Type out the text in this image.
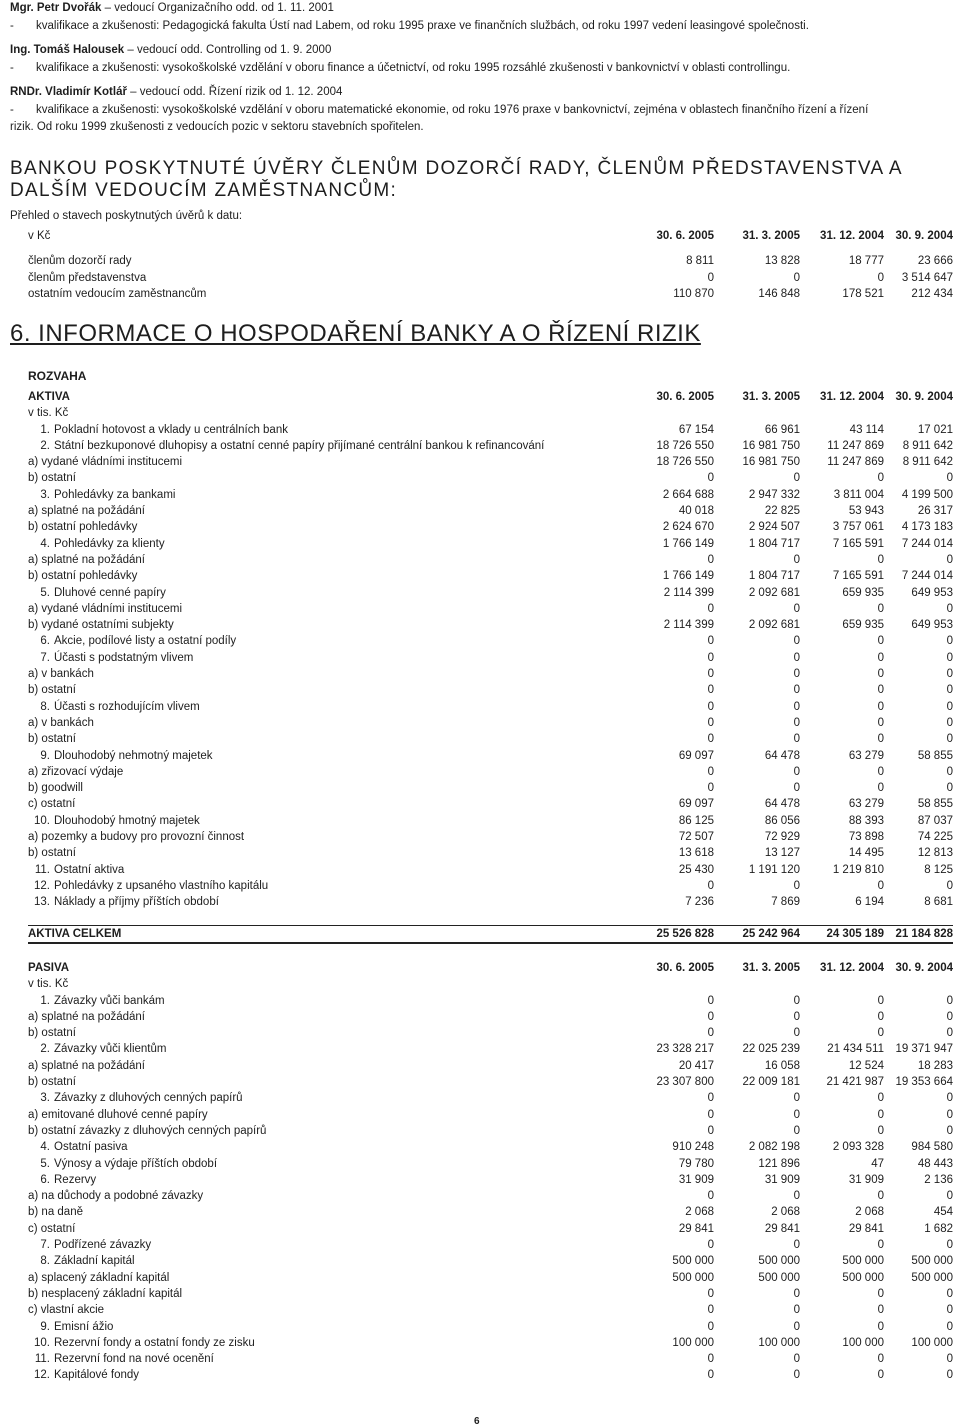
Mgr. Petr Dvořák – vedoucí Organizačního odd. od 1. 11. 2001

- kvalifikace a zkušenosti: Pedagogická fakulta Ústí nad Labem, od roku 1995 praxe ve finančních službách, od roku 1997 vedení leasingové společnosti.

Ing. Tomáš Halousek – vedoucí odd. Controlling od 1. 9. 2000

- kvalifikace a zkušenosti: vysokoškolské vzdělání v oboru finance a účetnictví, od roku 1995 rozsáhlé zkušenosti v bankovnictví v oblasti controllingu.

RNDr. Vladimír Kotlář – vedoucí odd. Řízení rizik od 1. 12. 2004

- kvalifikace a zkušenosti: vysokoškolské vzdělání v oboru matematické ekonomie, od roku 1976 praxe v bankovnictví, zejména v oblastech finančního řízení a řízení

rizik. Od roku 1999 zkušenosti z vedoucích pozic v sektoru stavebních spořitelen.

BANKOU POSKYTNUTÉ ÚVĚRY ČLENŮM DOZORČÍ RADY, ČLENŮM PŘEDSTAVENSTVA A DALŠÍM VEDOUCÍM ZAMĚSTNANCŮM:
Přehled o stavech poskytnutých úvěrů k datu:
v Kč	30. 6. 2005	31. 3. 2005	31. 12. 2004	30. 9. 2004

členům dozorčí rady	8 811	13 828	18 777	23 666
členům představenstva	0	0	0	3 514 647
ostatním vedoucím zaměstnancům	110 870	146 848	178 521	212 434
6. INFORMACE O HOSPODAŘENÍ BANKY A O ŘÍZENÍ RIZIK
ROZVAHA
AKTIVA	30. 6. 2005	31. 3. 2005	31. 12. 2004	30. 9. 2004
v tis. Kč				
1. Pokladní hotovost a vklady u centrálních bank	67 154	66 961	43 114	17 021
2. Státní bezkuponové dluhopisy a ostatní cenné papíry přijímané centrální bankou k refinancování	18 726 550	16 981 750	11 247 869	8 911 642
a) vydané vládními institucemi	18 726 550	16 981 750	11 247 869	8 911 642
b) ostatní	0	0	0	0
3. Pohledávky za bankami	2 664 688	2 947 332	3 811 004	4 199 500
a) splatné na požádání	40 018	22 825	53 943	26 317
b) ostatní pohledávky	2 624 670	2 924 507	3 757 061	4 173 183
4. Pohledávky za klienty	1 766 149	1 804 717	7 165 591	7 244 014
a) splatné na požádání	0	0	0	0
b) ostatní pohledávky	1 766 149	1 804 717	7 165 591	7 244 014
5. Dluhové cenné papíry	2 114 399	2 092 681	659 935	649 953
a) vydané vládními institucemi	0	0	0	0
b) vydané ostatními subjekty	2 114 399	2 092 681	659 935	649 953
6. Akcie, podílové listy a ostatní podíly	0	0	0	0
7. Účasti s podstatným vlivem	0	0	0	0
a) v bankách	0	0	0	0
b) ostatní	0	0	0	0
8. Účasti s rozhodujícím vlivem	0	0	0	0
a) v bankách	0	0	0	0
b) ostatní	0	0	0	0
9. Dlouhodobý nehmotný majetek	69 097	64 478	63 279	58 855
a) zřizovací výdaje	0	0	0	0
b) goodwill	0	0	0	0
c) ostatní	69 097	64 478	63 279	58 855
10. Dlouhodobý hmotný majetek	86 125	86 056	88 393	87 037
a) pozemky a budovy pro provozní činnost	72 507	72 929	73 898	74 225
b) ostatní	13 618	13 127	14 495	12 813
11. Ostatní aktiva	25 430	1 191 120	1 219 810	8 125
12. Pohledávky z upsaného vlastního kapitálu	0	0	0	0
13. Náklady a příjmy příštích období	7 236	7 869	6 194	8 681

AKTIVA CELKEM	25 526 828	25 242 964	24 305 189	21 184 828
PASIVA	30. 6. 2005	31. 3. 2005	31. 12. 2004	30. 9. 2004
v tis. Kč				
1. Závazky vůči bankám	0	0	0	0
a) splatné na požádání	0	0	0	0
b) ostatní	0	0	0	0
2. Závazky vůči klientům	23 328 217	22 025 239	21 434 511	19 371 947
a) splatné na požádání	20 417	16 058	12 524	18 283
b) ostatní	23 307 800	22 009 181	21 421 987	19 353 664
3. Závazky z dluhových cenných papírů	0	0	0	0
a) emitované dluhové cenné papíry	0	0	0	0
b) ostatní závazky z dluhových cenných papírů	0	0	0	0
4. Ostatní pasiva	910 248	2 082 198	2 093 328	984 580
5. Výnosy a výdaje příštích období	79 780	121 896	47	48 443
6. Rezervy	31 909	31 909	31 909	2 136
a) na důchody a podobné závazky	0	0	0	0
b) na daně	2 068	2 068	2 068	454
c) ostatní	29 841	29 841	29 841	1 682
7. Podřízené závazky	0	0	0	0
8. Základní kapitál	500 000	500 000	500 000	500 000
a) splacený základní kapitál	500 000	500 000	500 000	500 000
b) nesplacený základní kapitál	0	0	0	0
c) vlastní akcie	0	0	0	0
9. Emisní ážio	0	0	0	0
10. Rezervní fondy a ostatní fondy ze zisku	100 000	100 000	100 000	100 000
11. Rezervní fond na nové ocenění	0	0	0	0
12. Kapitálové fondy	0	0	0	0
6
